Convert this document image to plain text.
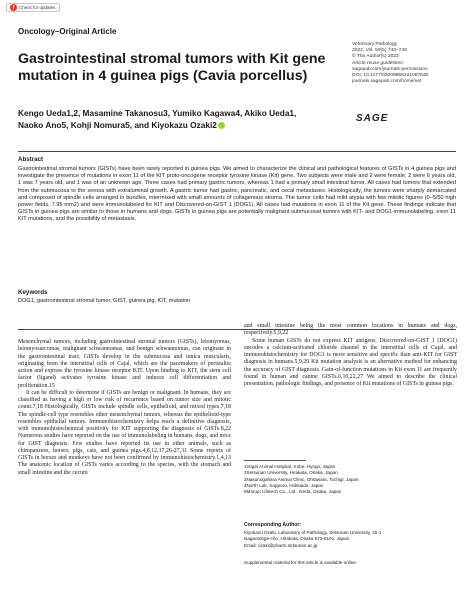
Check for updates
Oncology–Original Article
Gastrointestinal stromal tumors with Kit gene mutation in 4 guinea pigs (Cavia porcellus)
Veterinary Pathology
2022, Vol. 59(5) 740–746
© The Author(s) 2022
Article reuse guidelines:
sagepub.com/journals-permissions
DOI: 10.1177/03009858221087630
journals.sagepub.com/home/vet
SAGE
Kengo Ueda1,2, Masamine Takanosu3, Yumiko Kagawa4, Akiko Ueda1,
Naoko Ano5, Kohji Nomura5, and Kiyokazu Ozaki2
Abstract
Gastrointestinal stromal tumors (GISTs) have been rarely reported in guinea pigs. We aimed to characterize the clinical and pathological features of GISTs in 4 guinea pigs and investigate the presence of mutations in exon 11 of the KIT proto-oncogene receptor tyrosine kinase (Kit) gene. Two subjects were male and 2 were female; 2 were 6 years old, 1 was 7 years old, and 1 was of an unknown age. Three cases had primary gastric tumors, whereas 1 had a primary small intestinal tumor. All cases had tumors that extended from the submucosa to the serosa with extraluminal growth. A gastric tumor had gastric, pancreatic, and cecal metastases. Histologically, the tumors were sharply demarcated and composed of spindle cells arranged in bundles, intermixed with small amounts of collagenous stroma. The tumor cells had mild atypia with few mitotic figures (0–5/50 high power fields, 7.95 mm2) and were immunolabeled for KIT and Discovered-on-GIST 1 (DOG1). All cases had mutations in exon 11 of the Kit gene. These findings indicate that GISTs in guinea pigs are similar to those in humans and dogs. GISTs in guinea pigs are potentially malignant submucosal tumors with KIT- and DOG1-immunolabeling, exon 11 KIT mutations, and the possibility of metastasis.
Keywords
DOG1, gastrointestinal stromal tumor, GIST, guinea pig, KIT, mutation

Mesenchymal tumors, including gastrointestinal stromal tumors (GISTs), leiomyomas, leiomyosarcomas, malignant schwannomas, and benign schwannomas, can originate in the gastrointestinal tract. GISTs develop in the submucosa and tunica muscularis, originating from the interstitial cells of Cajal, which are the pacemakers of peristaltic action and express the tyrosine kinase receptor KIT. Upon binding to KIT, the stem cell factor (ligand) activates tyrosine kinase and induces cell differentiation and proliferation.15

It can be difficult to determine if GISTs are benign or malignant. In humans, they are classified as having a high or low risk of recurrence based on tumor size and mitotic count.7,18 Histologically, GISTs include spindle cells, epithelioid, and mixed types.7,18 The spindle-cell type resembles other mesenchymal tumors, whereas the epithelioid-type resembles epithelial tumors. Immunohistochemistry helps reach a definitive diagnosis, with immunohistochemical positivity for KIT supporting the diagnosis of GISTs.8,22 Numerous studies have reported on the use of immunolabeling in humans, dogs, and mice for GIST diagnosis. Few studies have reported its use in other animals, such as chimpanzees, horses, pigs, cats, and guinea pigs.4,8,12,17,26-27,31 Some reports of GISTs in horses and monkeys have not been confirmed by immunohistochemistry.1,4,13 The anatomic location of GISTs varies according to the species, with the stomach and small intestine and the cecum

and small intestine being the most common locations in humans and dogs, respectively.6,9,22

Some human GISTs do not express KIT antigens. Discovered-on-GIST 1 (DOG1) encodes a calcium-activated chloride channel in the interstitial cells of Cajal, and immunohistochemistry for DOG1 is more sensitive and specific than anti-KIT for GIST diagnosis in humans.5,9,29 Kit mutation analysis is an alternative method for enhancing the accuracy of GIST diagnosis. Gain-of-function mutations in Kit exon 11 are frequently found in human and canine GISTs.6,10,22,27 We aimed to describe the clinical presentation, pathologic findings, and presence of Kit mutations of GISTs in guinea pigs.

1Vogel Animal Hospital, Kobe, Hyogo, Japan
2Setsunan University, Hirakata, Osaka, Japan
3Nasunogahara Animal Clinic, Ohtawara, Tochigi, Japan
4North Lab, Sapporo, Hokkaido, Japan
5Marupi Lifetech Co., Ltd., Ikeda, Osaka, Japan
Corresponding Author:
Kiyokazu Ozaki, Laboratory of Pathology, Setsunan University, 45-1
Nagaotohge-cho, Hirakata, Osaka 573-0101, Japan.
Email: ozaki@pharm.setsunan.ac.jp
Supplemental material for this article is available online.
